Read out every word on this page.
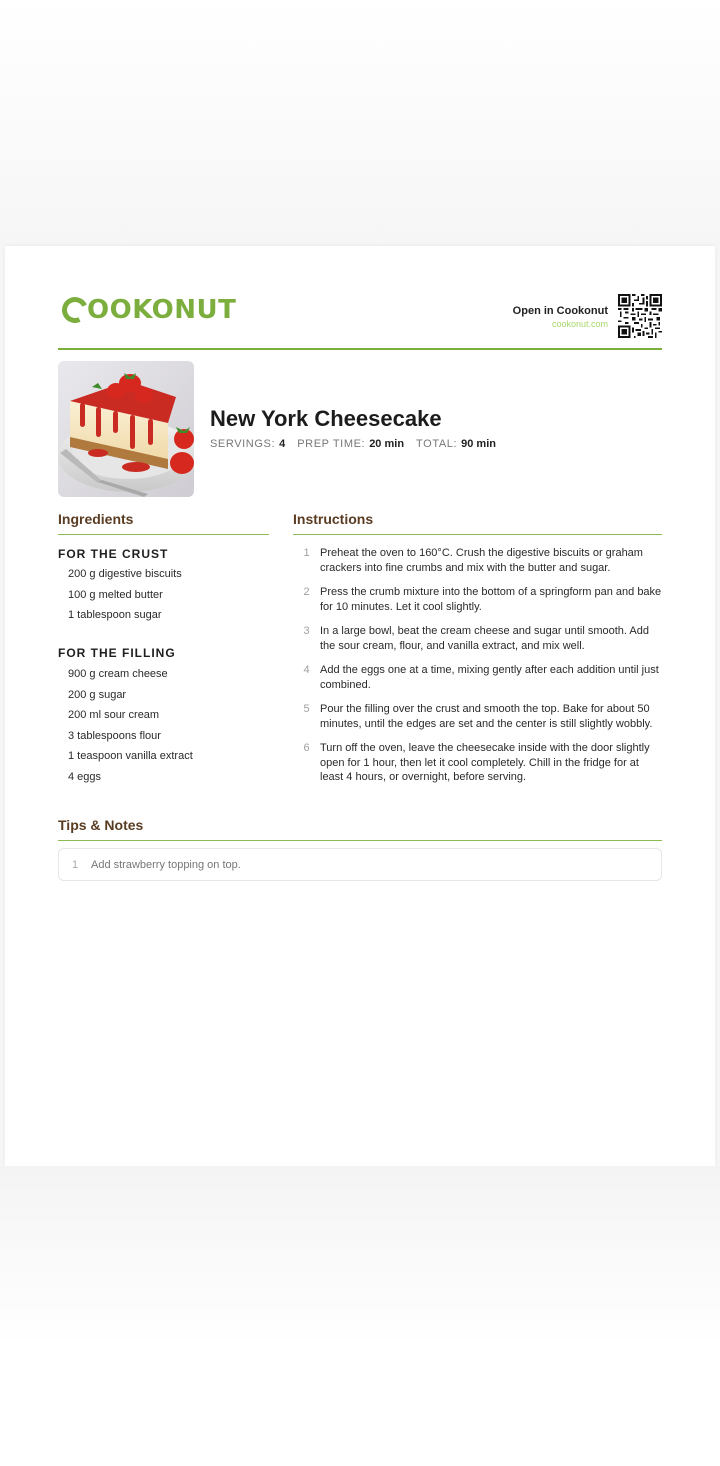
OOKONUT	Open in Cookonut
cookonut.com
New York Cheesecake
SERVINGS: 4 PREP TIME: 20 min TOTAL: 90 min
Ingredients
FOR THE CRUST
200 g digestive biscuits
100 g melted butter
1 tablespoon sugar
FOR THE FILLING
900 g cream cheese
200 g sugar
200 ml sour cream
3 tablespoons flour
1 teaspoon vanilla extract
4 eggs
Instructions
1 Preheat the oven to 160°C. Crush the digestive biscuits or graham crackers into fine crumbs and mix with the butter and sugar.
2 Press the crumb mixture into the bottom of a springform pan and bake for 10 minutes. Let it cool slightly.
3 In a large bowl, beat the cream cheese and sugar until smooth. Add the sour cream, flour, and vanilla extract, and mix well.
4 Add the eggs one at a time, mixing gently after each addition until just combined.
5 Pour the filling over the crust and smooth the top. Bake for about 50 minutes, until the edges are set and the center is still slightly wobbly.
6 Turn off the oven, leave the cheesecake inside with the door slightly open for 1 hour, then let it cool completely. Chill in the fridge for at least 4 hours, or overnight, before serving.
Tips & Notes
1	Add strawberry topping on top.
